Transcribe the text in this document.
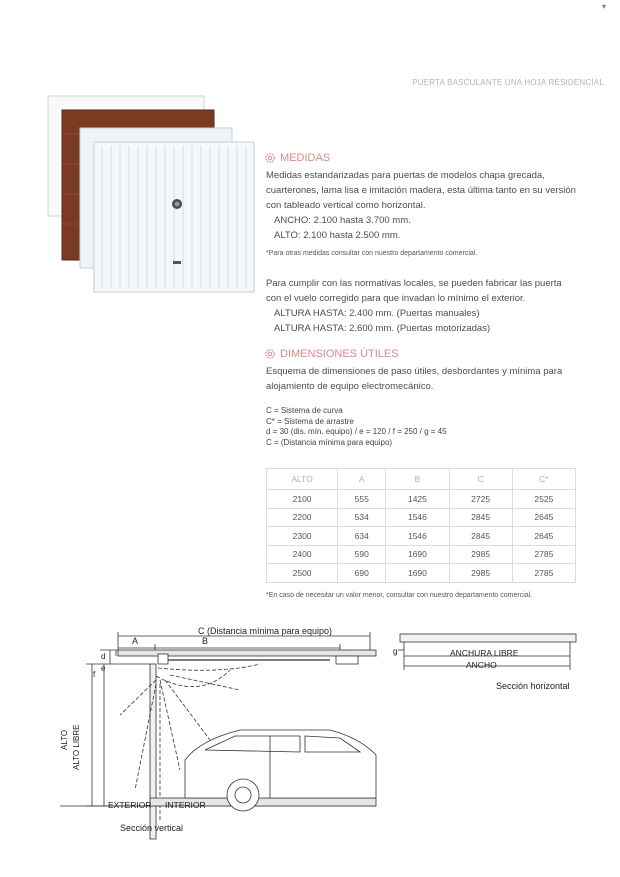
▾
PUERTA BASCULANTE UNA HOJA RESIDENCIAL
MEDIDAS
Medidas estandarizadas para puertas de modelos chapa grecada, cuarterones, lama lisa e imitación madera, esta última tanto en su versión con tableado vertical como horizontal.
ANCHO: 2.100 hasta 3.700 mm.
ALTO: 2.100 hasta 2.500 mm.
*Para otras medidas consultar con nuestro departamento comercial.
Para cumplir con las normativas locales, se pueden fabricar las puerta con el vuelo corregido para que invadan lo mínimo el exterior.
ALTURA HASTA: 2.400 mm. (Puertas manuales)
ALTURA HASTA: 2.600 mm. (Puertas motorizadas)
DIMENSIONES ÚTILES
Esquema de dimensiones de paso útiles, desbordantes y mínima para alojamiento de equipo electromecánico.
C = Sistema de curva
C* = Sistema de arrastre
d = 30 (dis. mín. equipo) / e = 120 / f = 250 / g = 45
C = (Distancia mínima para equipo)
ALTO	A	B	C	C*
2100	555	1425	2725	2525
2200	534	1546	2845	2645
2300	634	1546	2845	2645
2400	590	1690	2985	2785
2500	690	1690	2985	2785
*En caso de necesitar un valor menor, consultar con nuestro departamento comercial.
C (Distancia mínima para equipo)
A	B
d
e
f
g
ALTO ALTO LIBRE
EXTERIOR INTERIOR
Sección vertical
ANCHURA LIBRE
ANCHO
Sección horizontal
